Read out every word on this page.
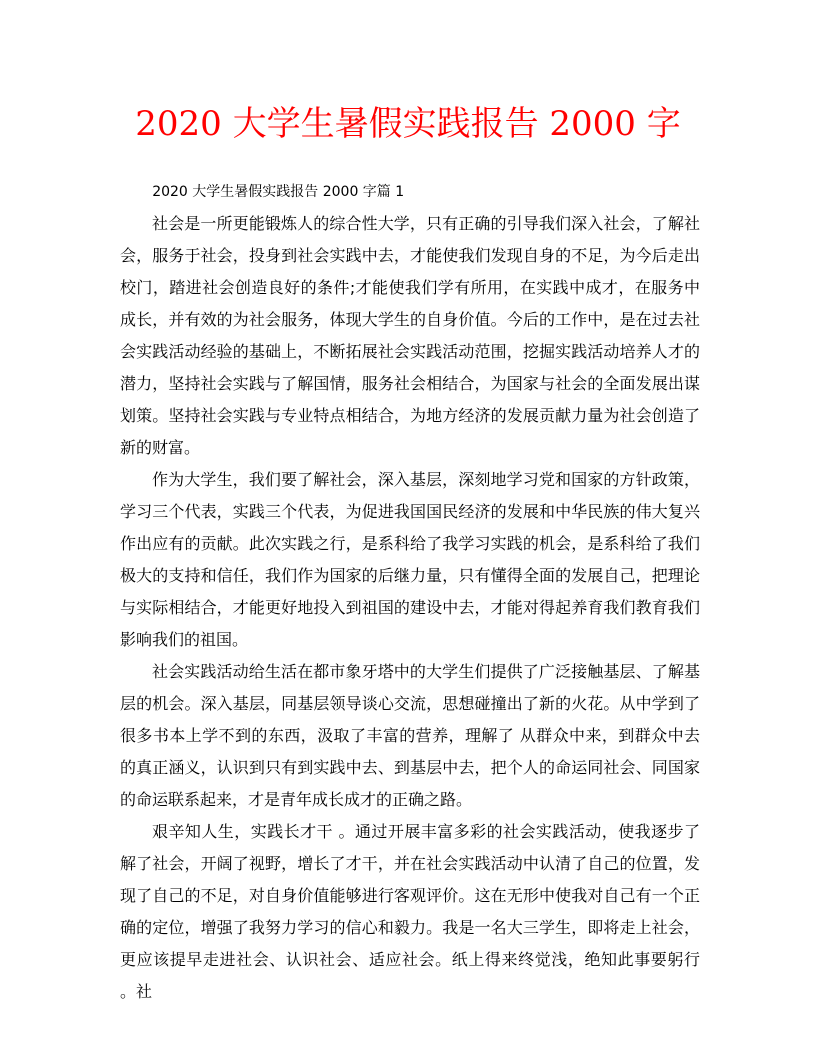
2020 大学生暑假实践报告 2000 字

2020 大学生暑假实践报告 2000 字篇 1

社会是一所更能锻炼人的综合性大学，只有正确的引导我们深入社会，了解社会，服务于社会，投身到社会实践中去，才能使我们发现自身的不足，为今后走出校门，踏进社会创造良好的条件;才能使我们学有所用，在实践中成才，在服务中成长，并有效的为社会服务，体现大学生的自身价值。今后的工作中，是在过去社会实践活动经验的基础上，不断拓展社会实践活动范围，挖掘实践活动培养人才的潜力，坚持社会实践与了解国情，服务社会相结合，为国家与社会的全面发展出谋划策。坚持社会实践与专业特点相结合，为地方经济的发展贡献力量为社会创造了新的财富。

作为大学生，我们要了解社会，深入基层，深刻地学习党和国家的方针政策，学习三个代表，实践三个代表，为促进我国国民经济的发展和中华民族的伟大复兴作出应有的贡献。此次实践之行，是系科给了我学习实践的机会，是系科给了我们极大的支持和信任，我们作为国家的后继力量，只有懂得全面的发展自己，把理论与实际相结合，才能更好地投入到祖国的建设中去，才能对得起养育我们教育我们影响我们的祖国。

社会实践活动给生活在都市象牙塔中的大学生们提供了广泛接触基层、了解基层的机会。深入基层，同基层领导谈心交流，思想碰撞出了新的火花。从中学到了很多书本上学不到的东西，汲取了丰富的营养，理解了 从群众中来，到群众中去的真正涵义，认识到只有到实践中去、到基层中去，把个人的命运同社会、同国家的命运联系起来，才是青年成长成才的正确之路。

艰辛知人生，实践长才干 。通过开展丰富多彩的社会实践活动，使我逐步了解了社会，开阔了视野，增长了才干，并在社会实践活动中认清了自己的位置，发现了自己的不足，对自身价值能够进行客观评价。这在无形中使我对自己有一个正确的定位，增强了我努力学习的信心和毅力。我是一名大三学生，即将走上社会，更应该提早走进社会、认识社会、适应社会。纸上得来终觉浅，绝知此事要躬行 。社
